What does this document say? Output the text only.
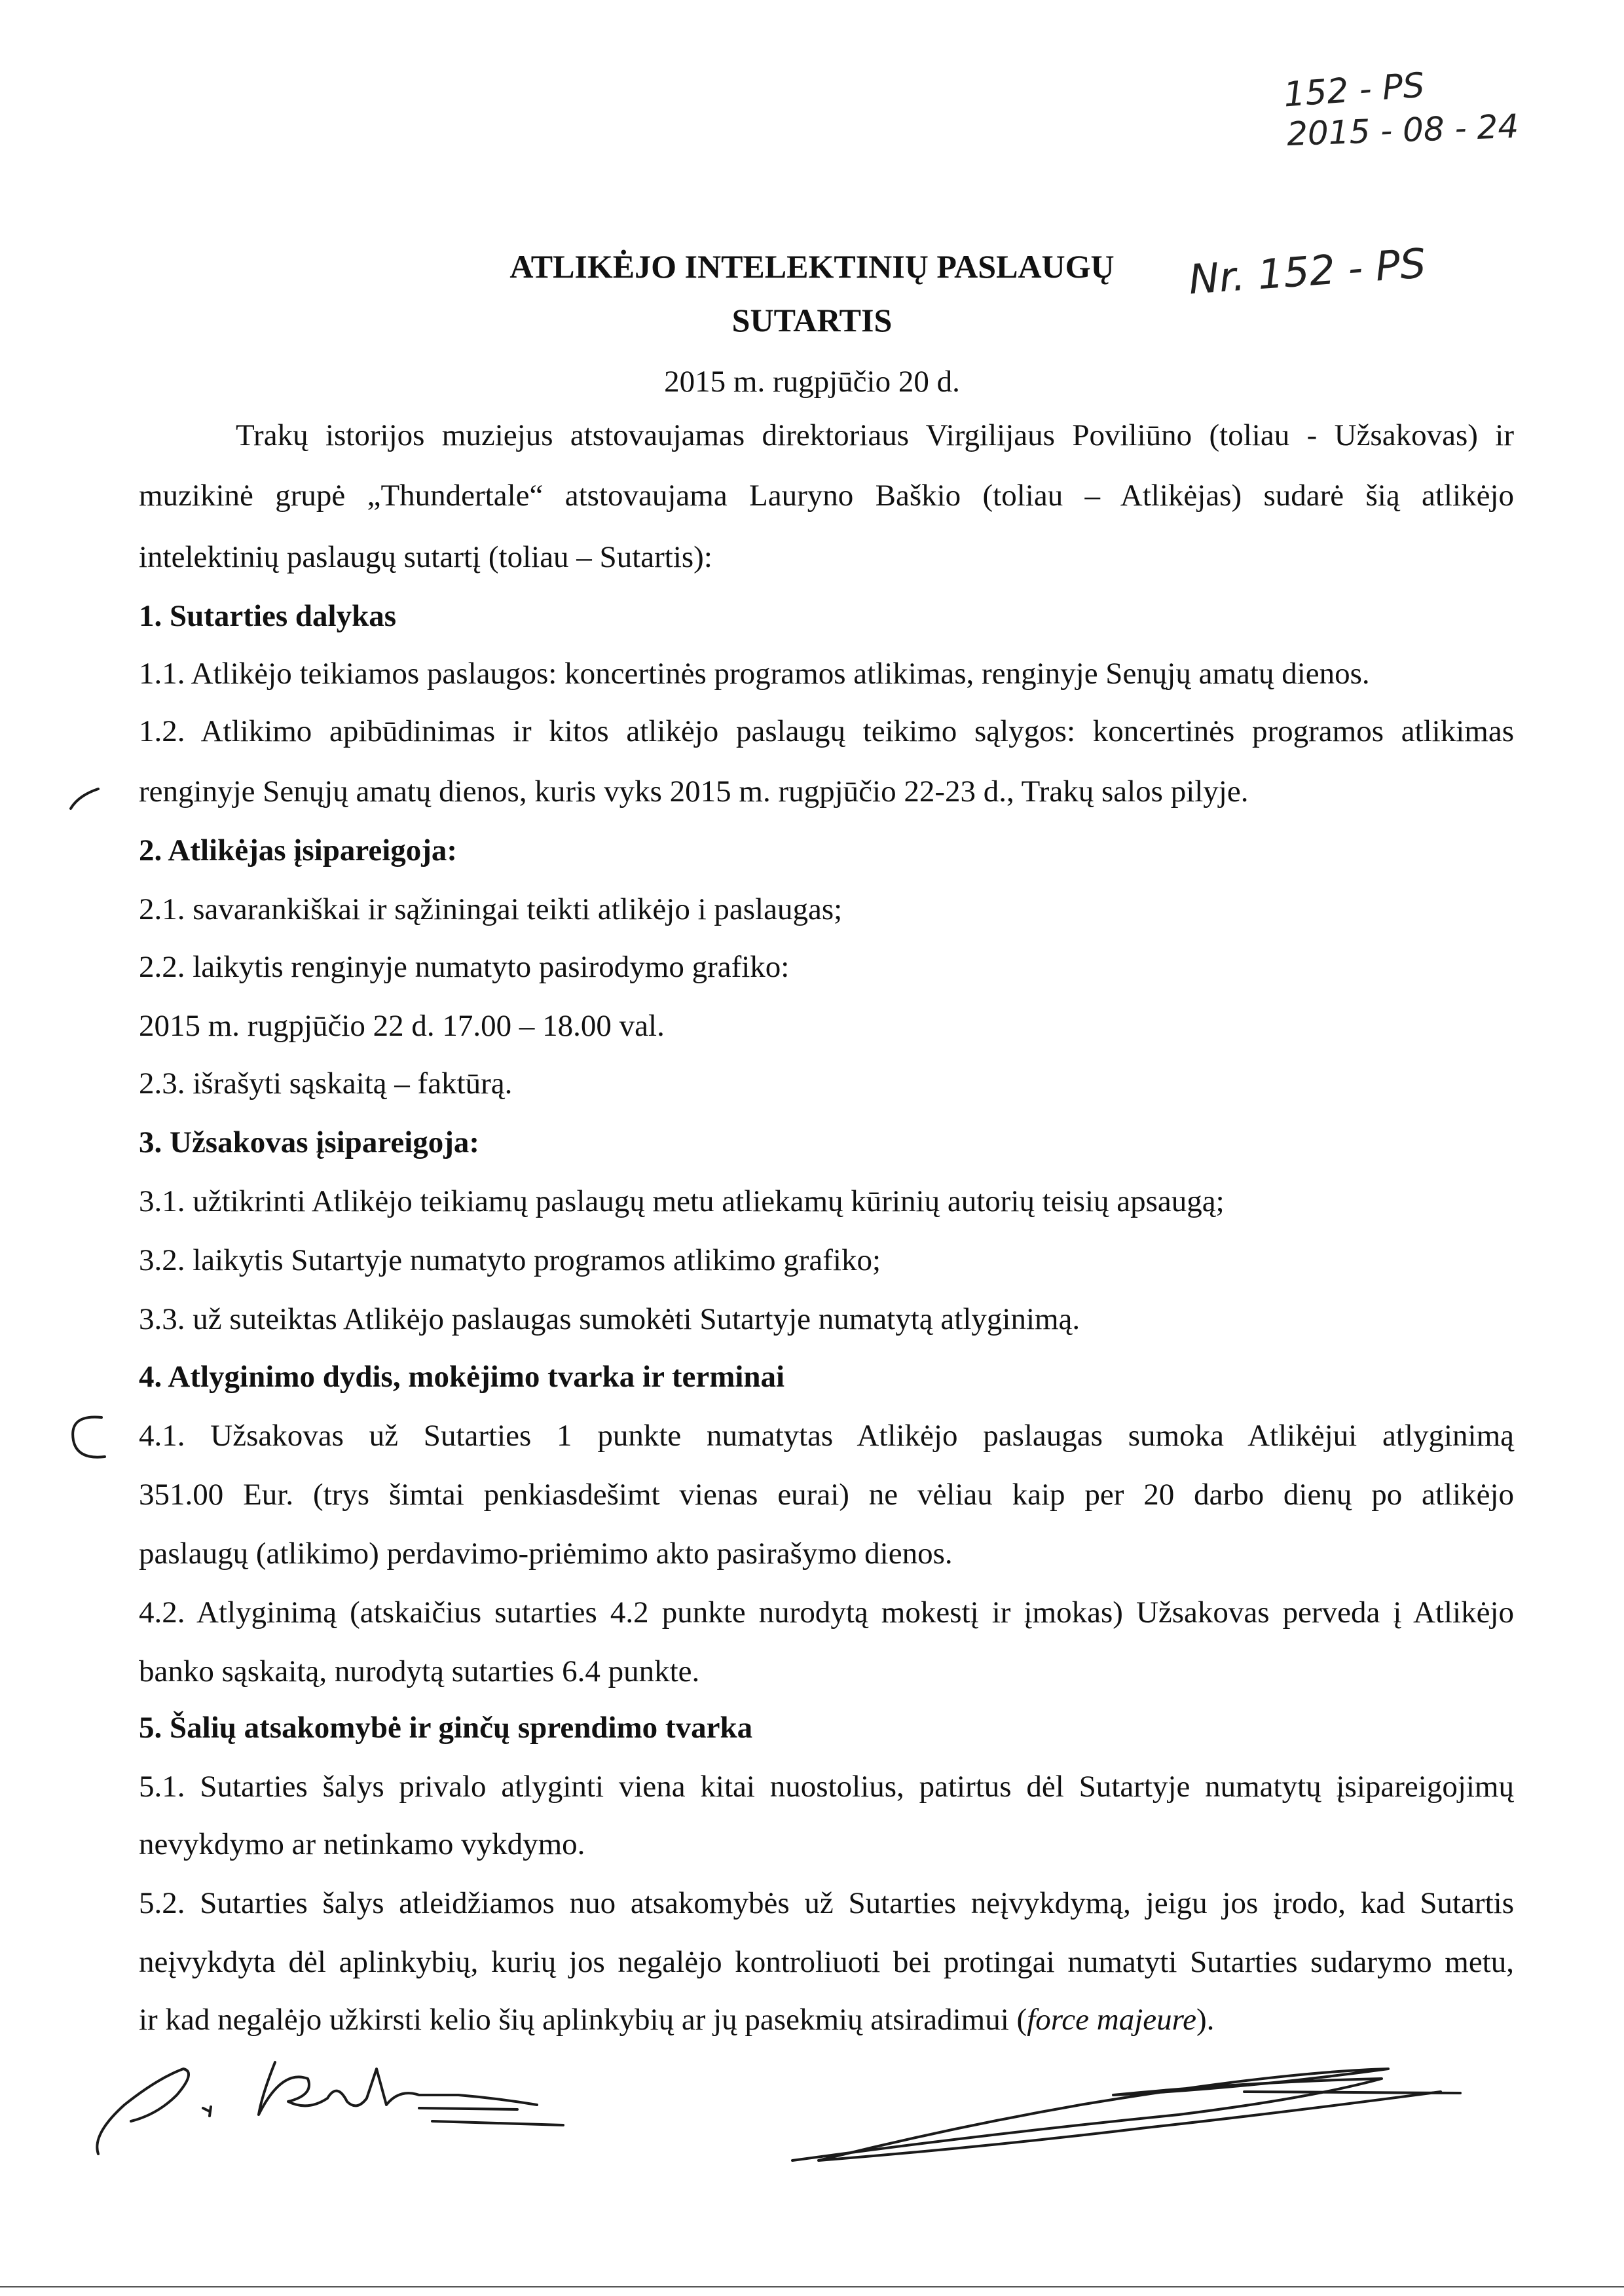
152 - PS
2015 - 08 - 24
Nr. 152 - PS
ATLIKĖJO INTELEKTINIŲ PASLAUGŲ
SUTARTIS
2015 m. rugpjūčio 20 d.
Trakų istorijos muziejus atstovaujamas direktoriaus Virgilijaus Poviliūno (toliau - Užsakovas) ir
muzikinė grupė „Thundertale“ atstovaujama Lauryno Baškio (toliau – Atlikėjas) sudarė šią atlikėjo
intelektinių paslaugų sutartį (toliau – Sutartis):
1. Sutarties dalykas
1.1. Atlikėjo teikiamos paslaugos: koncertinės programos atlikimas, renginyje Senųjų amatų dienos.
1.2. Atlikimo apibūdinimas ir kitos atlikėjo paslaugų teikimo sąlygos: koncertinės programos atlikimas
renginyje Senųjų amatų dienos, kuris vyks 2015 m. rugpjūčio 22-23 d., Trakų salos pilyje.
2. Atlikėjas įsipareigoja:
2.1. savarankiškai ir sąžiningai teikti atlikėjo i paslaugas;
2.2. laikytis renginyje numatyto pasirodymo grafiko:
2015 m. rugpjūčio 22 d. 17.00 – 18.00 val.
2.3. išrašyti sąskaitą – faktūrą.
3. Užsakovas įsipareigoja:
3.1. užtikrinti Atlikėjo teikiamų paslaugų metu atliekamų kūrinių autorių teisių apsaugą;
3.2. laikytis Sutartyje numatyto programos atlikimo grafiko;
3.3. už suteiktas Atlikėjo paslaugas sumokėti Sutartyje numatytą atlyginimą.
4. Atlyginimo dydis, mokėjimo tvarka ir terminai
4.1. Užsakovas už Sutarties 1 punkte numatytas Atlikėjo paslaugas sumoka Atlikėjui atlyginimą
351.00 Eur. (trys šimtai penkiasdešimt vienas eurai) ne vėliau kaip per 20 darbo dienų po atlikėjo
paslaugų (atlikimo) perdavimo-priėmimo akto pasirašymo dienos.
4.2. Atlyginimą (atskaičius sutarties 4.2 punkte nurodytą mokestį ir įmokas) Užsakovas perveda į Atlikėjo
banko sąskaitą, nurodytą sutarties 6.4 punkte.
5. Šalių atsakomybė ir ginčų sprendimo tvarka
5.1. Sutarties šalys privalo atlyginti viena kitai nuostolius, patirtus dėl Sutartyje numatytų įsipareigojimų
nevykdymo ar netinkamo vykdymo.
5.2. Sutarties šalys atleidžiamos nuo atsakomybės už Sutarties neįvykdymą, jeigu jos įrodo, kad Sutartis
neįvykdyta dėl aplinkybių, kurių jos negalėjo kontroliuoti bei protingai numatyti Sutarties sudarymo metu,
ir kad negalėjo užkirsti kelio šių aplinkybių ar jų pasekmių atsiradimui (force majeure).
